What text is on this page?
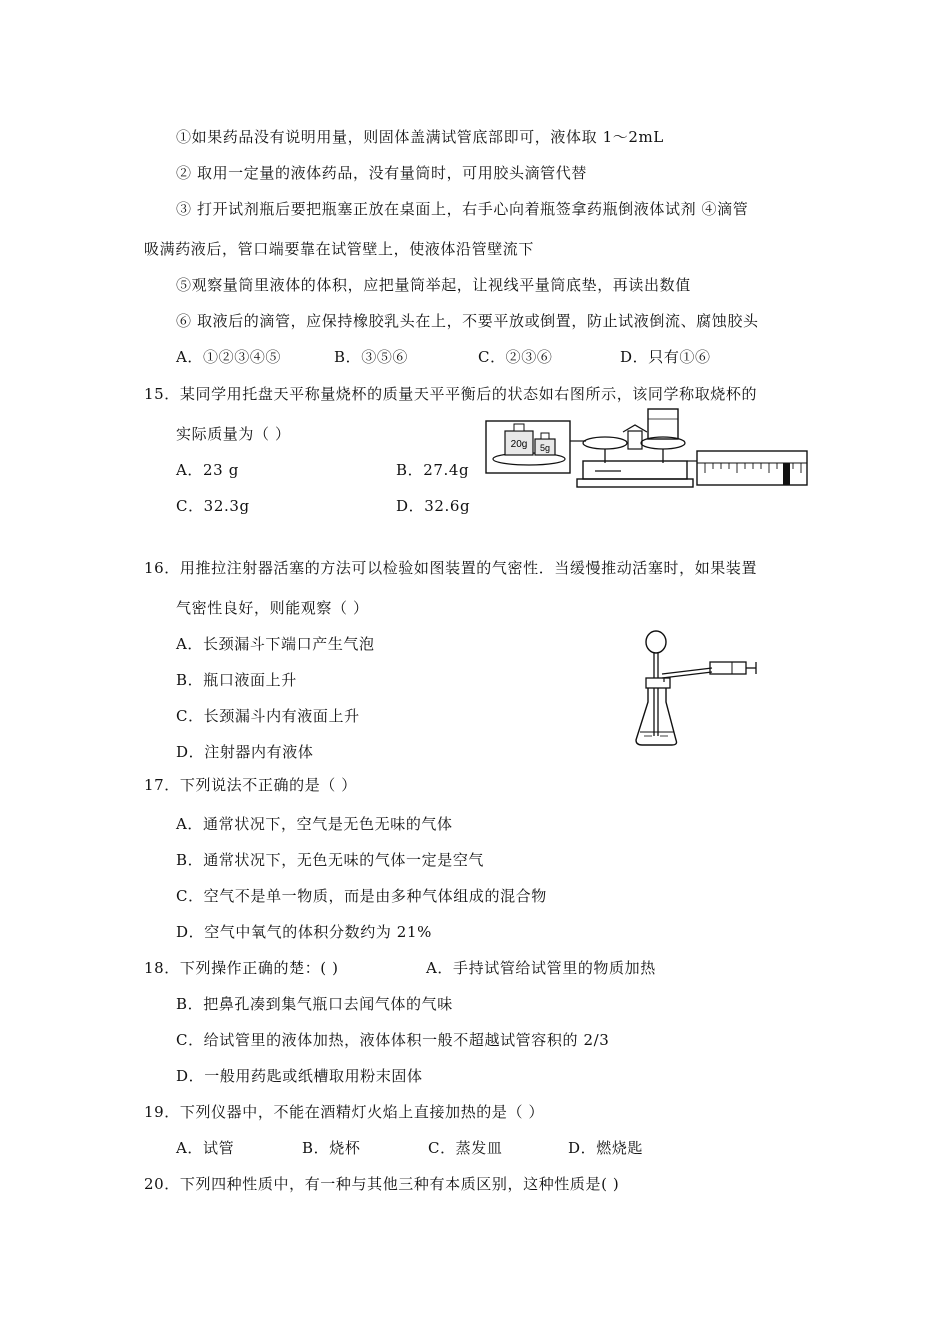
①如果药品没有说明用量，则固体盖满试管底部即可，液体取 1～2mL
② 取用一定量的液体药品，没有量筒时，可用胶头滴管代替
③ 打开试剂瓶后要把瓶塞正放在桌面上，右手心向着瓶签拿药瓶倒液体试剂 ④滴管
吸满药液后，管口端要靠在试管壁上，使液体沿管壁流下
⑤观察量筒里液体的体积，应把量筒举起，让视线平量筒底垫，再读出数值
⑥ 取液后的滴管，应保持橡胶乳头在上，不要平放或倒置，防止试液倒流、腐蚀胶头
A．①②③④⑤	B．③⑤⑥	C．②③⑥	D．只有①⑥
15．某同学用托盘天平称量烧杯的质量天平平衡后的状态如右图所示，该同学称取烧杯的
实际质量为（ ）
A．23 g	B．27.4g
C．32.3g	D．32.6g
20g 5g
16．用推拉注射器活塞的方法可以检验如图装置的气密性．当缓慢推动活塞时，如果装置
气密性良好，则能观察（ ）
A．长颈漏斗下端口产生气泡
B．瓶口液面上升
C．长颈漏斗内有液面上升
D．注射器内有液体
17．下列说法不正确的是（ ）
A．通常状况下，空气是无色无味的气体
B．通常状况下，无色无味的气体一定是空气
C．空气不是单一物质，而是由多种气体组成的混合物
D．空气中氧气的体积分数约为 21%
18．下列操作正确的楚：( )	A．手持试管给试管里的物质加热
B．把鼻孔凑到集气瓶口去闻气体的气味
C．给试管里的液体加热，液体体积一般不超越试管容积的 2/3
D．一般用药匙或纸槽取用粉末固体
19．下列仪器中，不能在酒精灯火焰上直接加热的是（ ）
A．试管	B．烧杯	C．蒸发皿	D．燃烧匙
20．下列四种性质中，有一种与其他三种有本质区别，这种性质是( )
